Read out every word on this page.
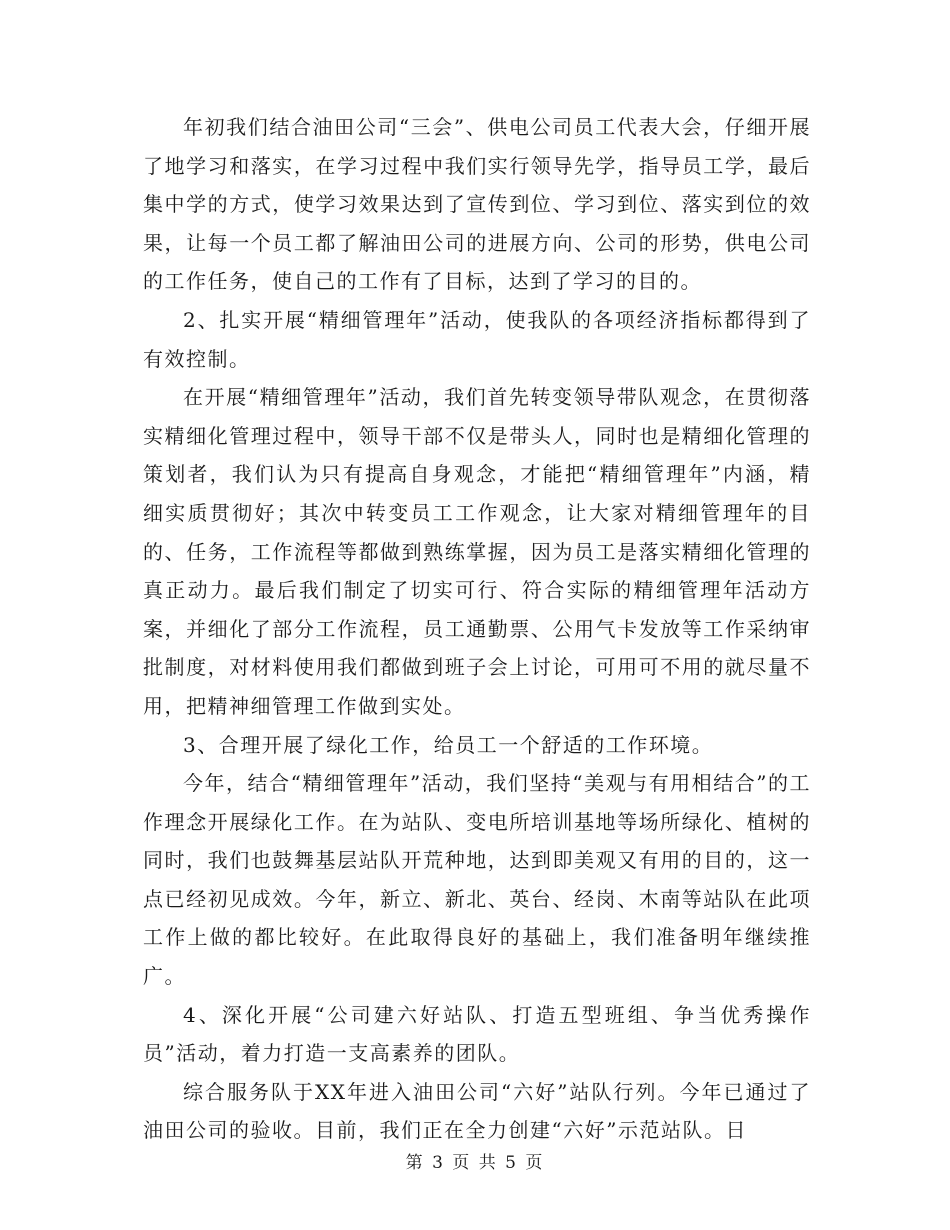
年初我们结合油田公司“三会”、供电公司员工代表大会，仔细开展了地学习和落实，在学习过程中我们实行领导先学，指导员工学，最后集中学的方式，使学习效果达到了宣传到位、学习到位、落实到位的效果，让每一个员工都了解油田公司的进展方向、公司的形势，供电公司的工作任务，使自己的工作有了目标，达到了学习的目的。

2、扎实开展“精细管理年”活动，使我队的各项经济指标都得到了有效控制。

在开展“精细管理年”活动，我们首先转变领导带队观念，在贯彻落实精细化管理过程中，领导干部不仅是带头人，同时也是精细化管理的策划者，我们认为只有提高自身观念，才能把“精细管理年”内涵，精细实质贯彻好；其次中转变员工工作观念，让大家对精细管理年的目的、任务，工作流程等都做到熟练掌握，因为员工是落实精细化管理的真正动力。最后我们制定了切实可行、符合实际的精细管理年活动方案，并细化了部分工作流程，员工通勤票、公用气卡发放等工作采纳审批制度，对材料使用我们都做到班子会上讨论，可用可不用的就尽量不用，把精神细管理工作做到实处。

3、合理开展了绿化工作，给员工一个舒适的工作环境。

今年，结合“精细管理年”活动，我们坚持“美观与有用相结合”的工作理念开展绿化工作。在为站队、变电所培训基地等场所绿化、植树的同时，我们也鼓舞基层站队开荒种地，达到即美观又有用的目的，这一点已经初见成效。今年，新立、新北、英台、经岗、木南等站队在此项工作上做的都比较好。在此取得良好的基础上，我们准备明年继续推广。

4、深化开展“公司建六好站队、打造五型班组、争当优秀操作员”活动，着力打造一支高素养的团队。

综合服务队于XX年进入油田公司“六好”站队行列。今年已通过了油田公司的验收。目前，我们正在全力创建“六好”示范站队。日

第 3 页 共 5 页
